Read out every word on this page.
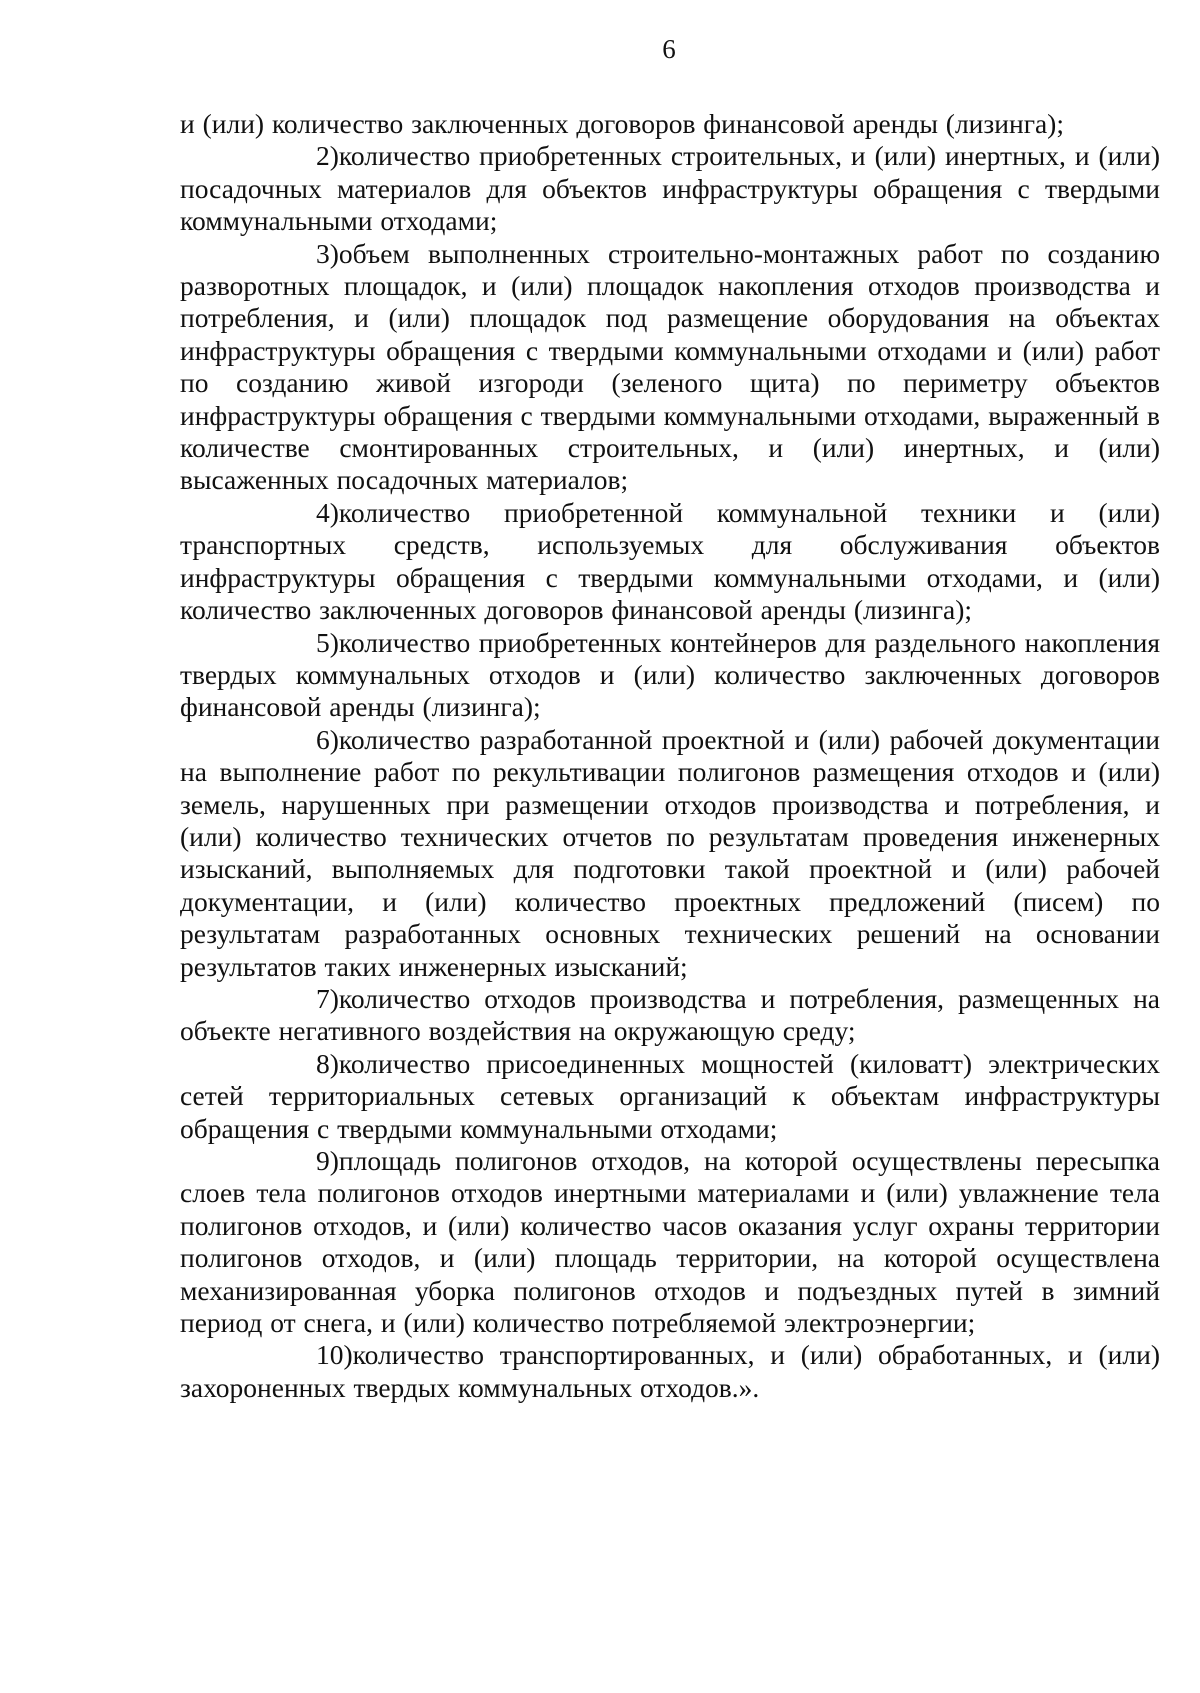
6

и (или) количество заключенных договоров финансовой аренды (лизинга);

2)количество приобретенных строительных, и (или) инертных, и (или) посадочных материалов для объектов инфраструктуры обращения с твердыми коммунальными отходами;

3)объем выполненных строительно-монтажных работ по созданию разворотных площадок, и (или) площадок накопления отходов производства и потребления, и (или) площадок под размещение оборудования на объектах инфраструктуры обращения с твердыми коммунальными отходами и (или) работ по созданию живой изгороди (зеленого щита) по периметру объектов инфраструктуры обращения с твердыми коммунальными отходами, выраженный в количестве смонтированных строительных, и (или) инертных, и (или) высаженных посадочных материалов;

4)количество приобретенной коммунальной техники и (или) транспортных средств, используемых для обслуживания объектов инфраструктуры обращения с твердыми коммунальными отходами, и (или) количество заключенных договоров финансовой аренды (лизинга);

5)количество приобретенных контейнеров для раздельного накопления твердых коммунальных отходов и (или) количество заключенных договоров финансовой аренды (лизинга);

6)количество разработанной проектной и (или) рабочей документации на выполнение работ по рекультивации полигонов размещения отходов и (или) земель, нарушенных при размещении отходов производства и потребления, и (или) количество технических отчетов по результатам проведения инженерных изысканий, выполняемых для подготовки такой проектной и (или) рабочей документации, и (или) количество проектных предложений (писем) по результатам разработанных основных технических решений на основании результатов таких инженерных изысканий;

7)количество отходов производства и потребления, размещенных на объекте негативного воздействия на окружающую среду;

8)количество присоединенных мощностей (киловатт) электрических сетей территориальных сетевых организаций к объектам инфраструктуры обращения с твердыми коммунальными отходами;

9)площадь полигонов отходов, на которой осуществлены пересыпка слоев тела полигонов отходов инертными материалами и (или) увлажнение тела полигонов отходов, и (или) количество часов оказания услуг охраны территории полигонов отходов, и (или) площадь территории, на которой осуществлена механизированная уборка полигонов отходов и подъездных путей в зимний период от снега, и (или) количество потребляемой электроэнергии;

10)количество транспортированных, и (или) обработанных, и (или) захороненных твердых коммунальных отходов.».
